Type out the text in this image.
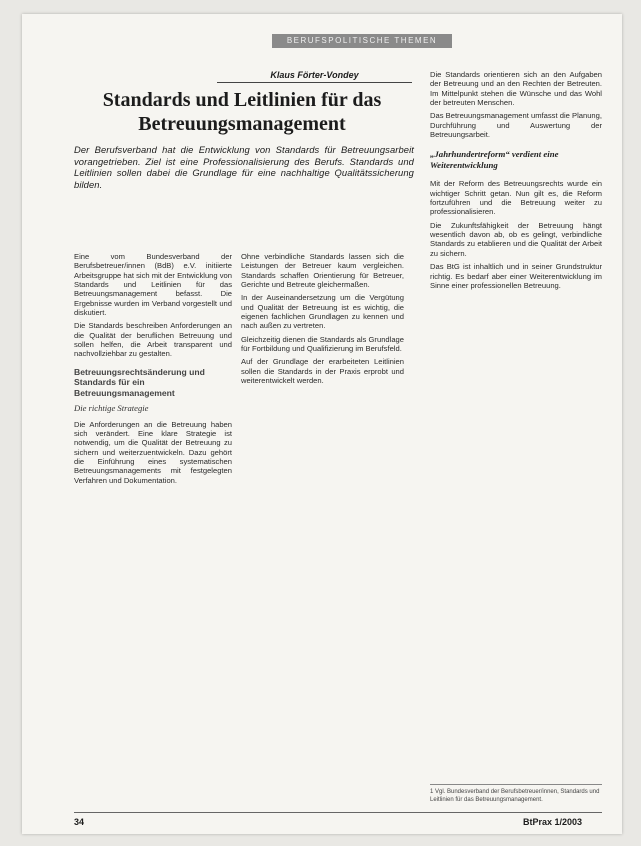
BERUFSPOLITISCHE THEMEN
Klaus Förter-Vondey
Standards und Leitlinien für das
Betreuungsmanagement
Der Berufsverband hat die Entwicklung von Standards für Betreuungsarbeit vorangetrieben. Ziel ist eine Professionalisierung des Berufs. Standards und Leitlinien sollen dabei die Grundlage für eine nachhaltige Qualitätssicherung bilden.

Eine vom Bundesverband der Berufsbetreuer/innen (BdB) e.V. initiierte Arbeitsgruppe hat sich mit der Entwicklung von Standards und Leitlinien für das Betreuungsmanagement befasst. Die Ergebnisse wurden im Verband vorgestellt und diskutiert.

Die Standards beschreiben Anforderungen an die Qualität der beruflichen Betreuung und sollen helfen, die Arbeit transparent und nachvollziehbar zu gestalten.

Betreuungsrechtsänderung und Standards für ein Betreuungsmanagement
Die richtige Strategie

Die Anforderungen an die Betreuung haben sich verändert. Eine klare Strategie ist notwendig, um die Qualität der Betreuung zu sichern und weiterzuentwickeln. Dazu gehört die Einführung eines systematischen Betreuungsmanagements mit festgelegten Verfahren und Dokumentation.

Ohne verbindliche Standards lassen sich die Leistungen der Betreuer kaum vergleichen. Standards schaffen Orientierung für Betreuer, Gerichte und Betreute gleichermaßen.

In der Auseinandersetzung um die Vergütung und Qualität der Betreuung ist es wichtig, die eigenen fachlichen Grundlagen zu kennen und nach außen zu vertreten.

Gleichzeitig dienen die Standards als Grundlage für Fortbildung und Qualifizierung im Berufsfeld.

Auf der Grundlage der erarbeiteten Leitlinien sollen die Standards in der Praxis erprobt und weiterentwickelt werden.

Die Standards orientieren sich an den Aufgaben der Betreuung und an den Rechten der Betreuten. Im Mittelpunkt stehen die Wünsche und das Wohl der betreuten Menschen.

Das Betreuungsmanagement umfasst die Planung, Durchführung und Auswertung der Betreuungsarbeit.

„Jahrhundertreform“ verdient eine Weiterentwicklung

Mit der Reform des Betreuungsrechts wurde ein wichtiger Schritt getan. Nun gilt es, die Reform fortzuführen und die Betreuung weiter zu professionalisieren.

Die Zukunftsfähigkeit der Betreuung hängt wesentlich davon ab, ob es gelingt, verbindliche Standards zu etablieren und die Qualität der Arbeit zu sichern.

Das BtG ist inhaltlich und in seiner Grundstruktur richtig. Es bedarf aber einer Weiterentwicklung im Sinne einer professionellen Betreuung.

1 Vgl. Bundesverband der Berufsbetreuer/innen, Standards und Leitlinien für das Betreuungsmanagement.
34	BtPrax 1/2003
